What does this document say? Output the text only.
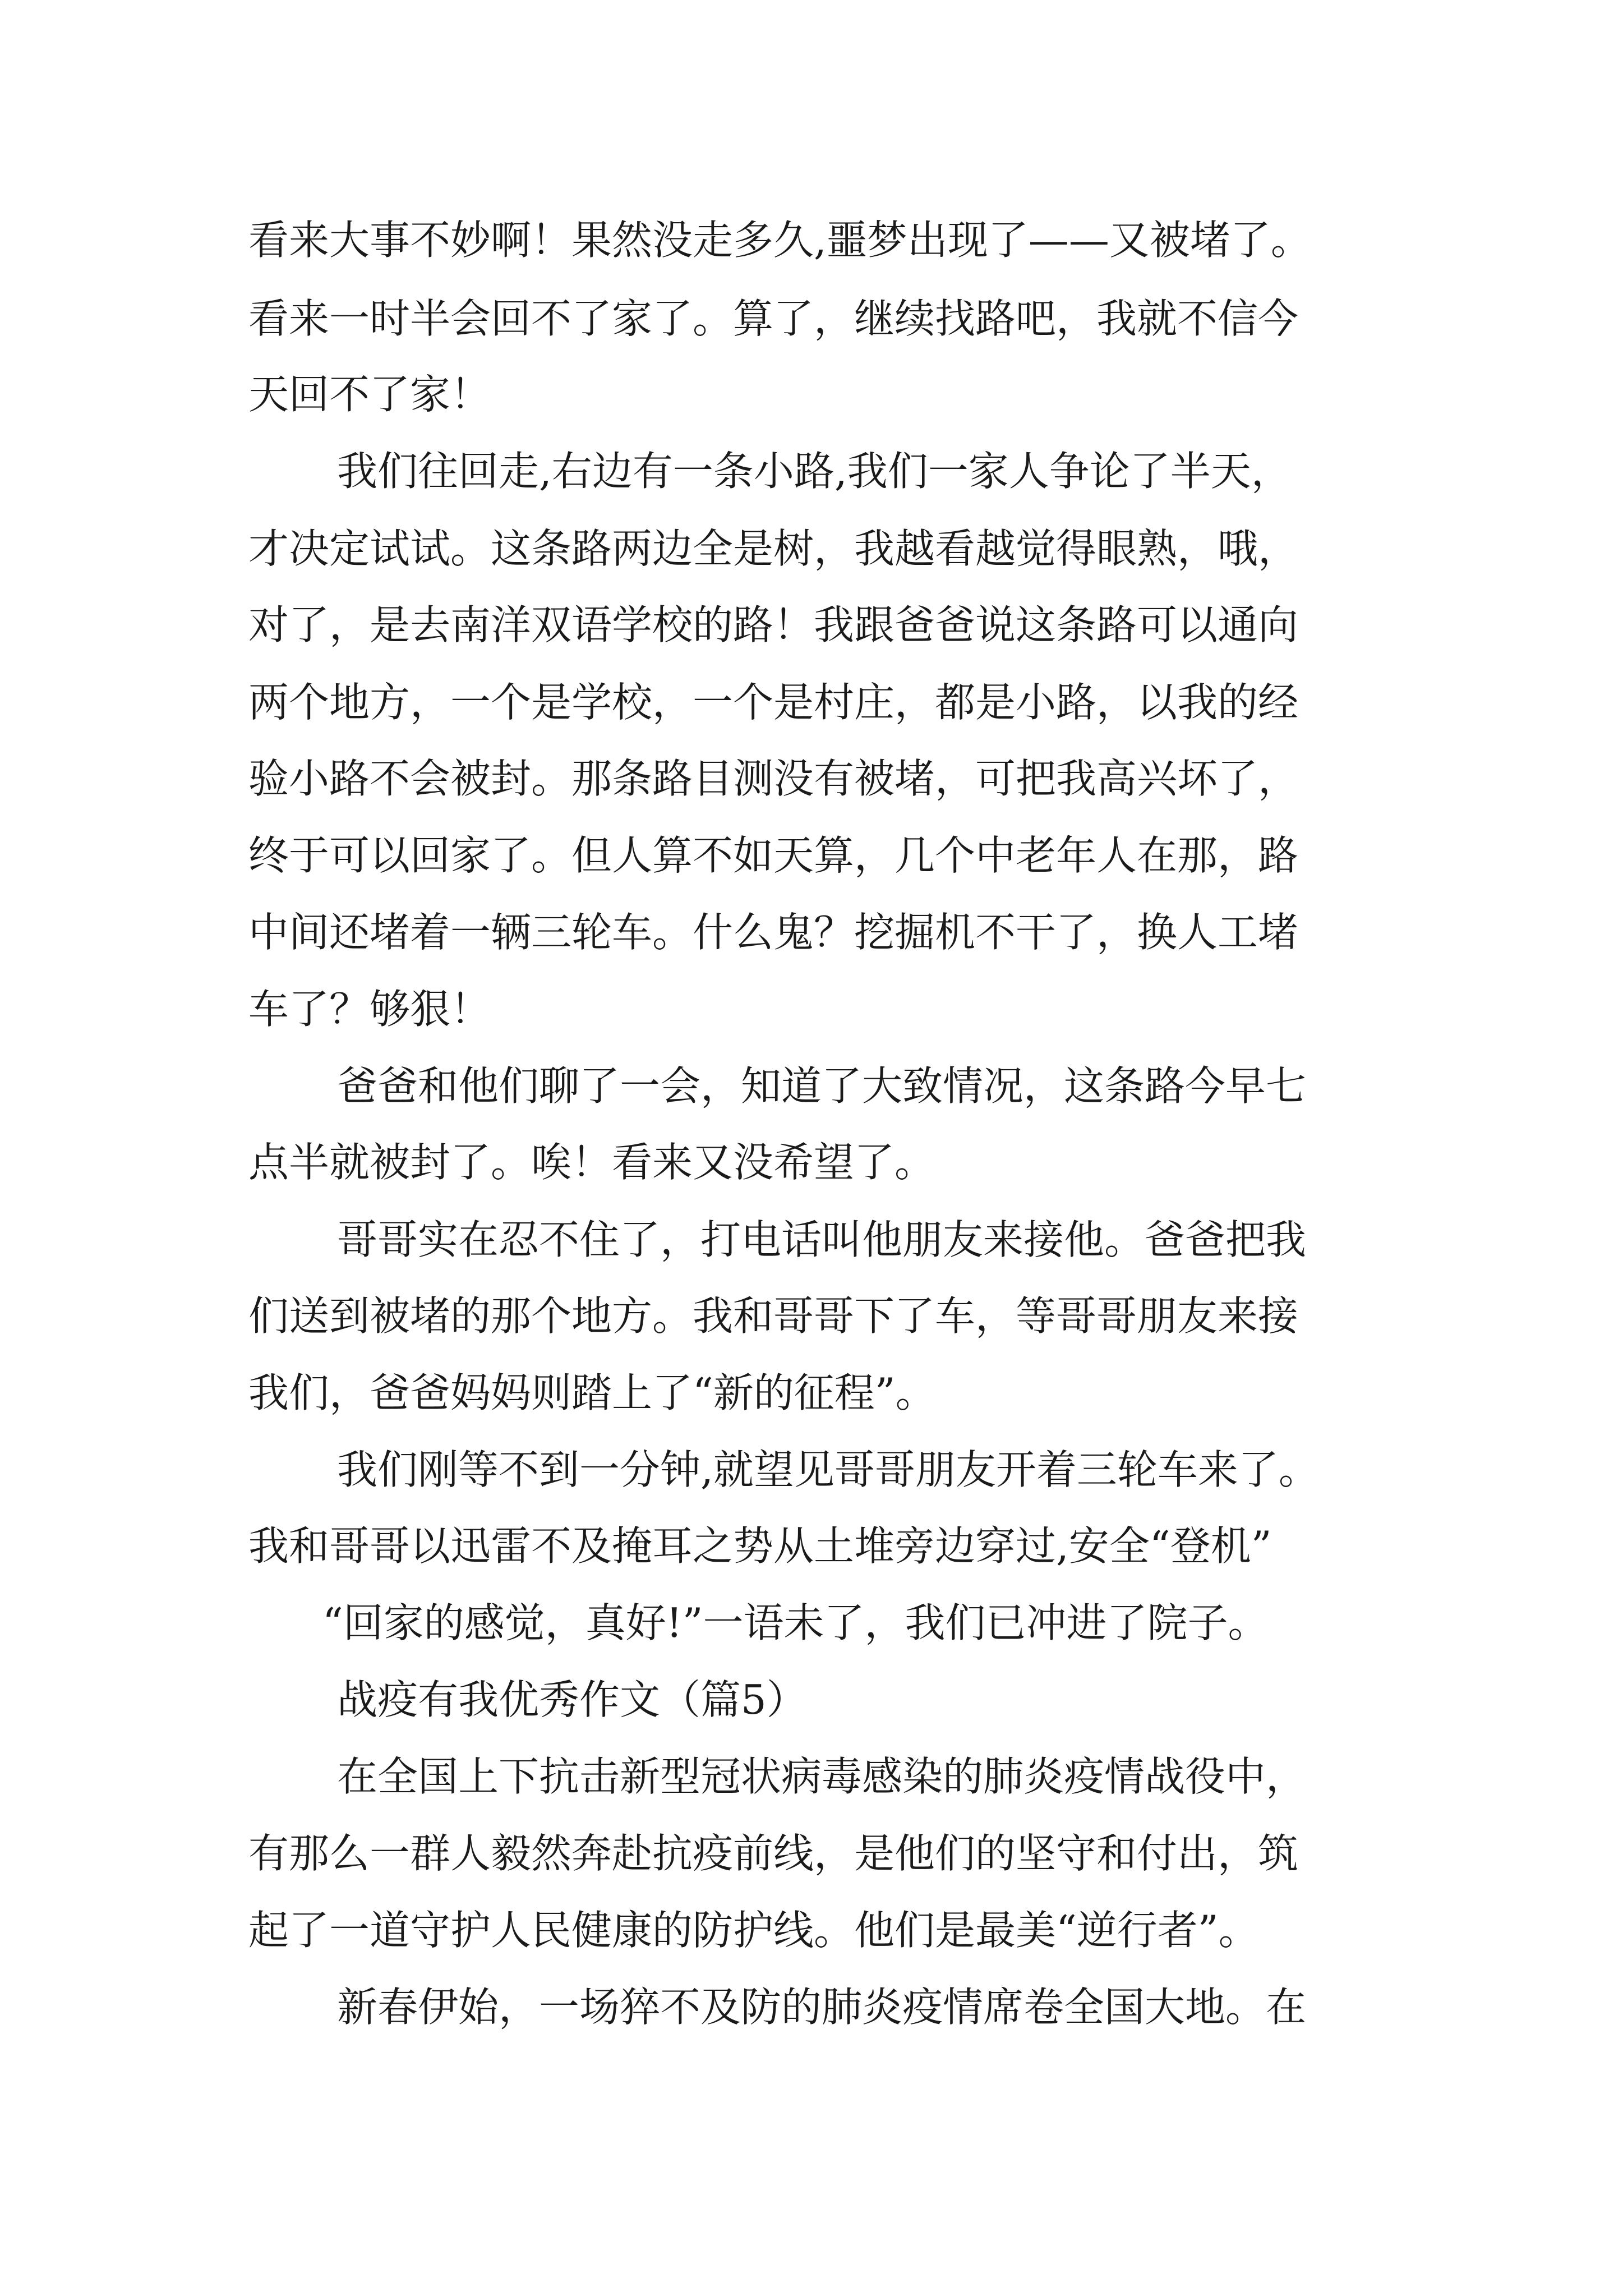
看来大事不妙啊！果然没走多久,噩梦出现了——又被堵了。

看来一时半会回不了家了。算了，继续找路吧，我就不信今

天回不了家！

我们往回走,右边有一条小路,我们一家人争论了半天，

才决定试试。这条路两边全是树，我越看越觉得眼熟，哦，

对了，是去南洋双语学校的路！我跟爸爸说这条路可以通向

两个地方，一个是学校，一个是村庄，都是小路，以我的经

验小路不会被封。那条路目测没有被堵，可把我高兴坏了，

终于可以回家了。但人算不如天算，几个中老年人在那，路

中间还堵着一辆三轮车。什么鬼？挖掘机不干了，换人工堵

车了？够狠！

爸爸和他们聊了一会，知道了大致情况，这条路今早七

点半就被封了。唉！看来又没希望了。

哥哥实在忍不住了，打电话叫他朋友来接他。爸爸把我

们送到被堵的那个地方。我和哥哥下了车，等哥哥朋友来接

我们，爸爸妈妈则踏上了“新的征程”。

我们刚等不到一分钟,就望见哥哥朋友开着三轮车来了。

我和哥哥以迅雷不及掩耳之势从土堆旁边穿过,安全“登机”

“回家的感觉，真好!”一语未了，我们已冲进了院子。

战疫有我优秀作文（篇5）

在全国上下抗击新型冠状病毒感染的肺炎疫情战役中，

有那么一群人毅然奔赴抗疫前线，是他们的坚守和付出，筑

起了一道守护人民健康的防护线。他们是最美“逆行者”。

新春伊始，一场猝不及防的肺炎疫情席卷全国大地。在
